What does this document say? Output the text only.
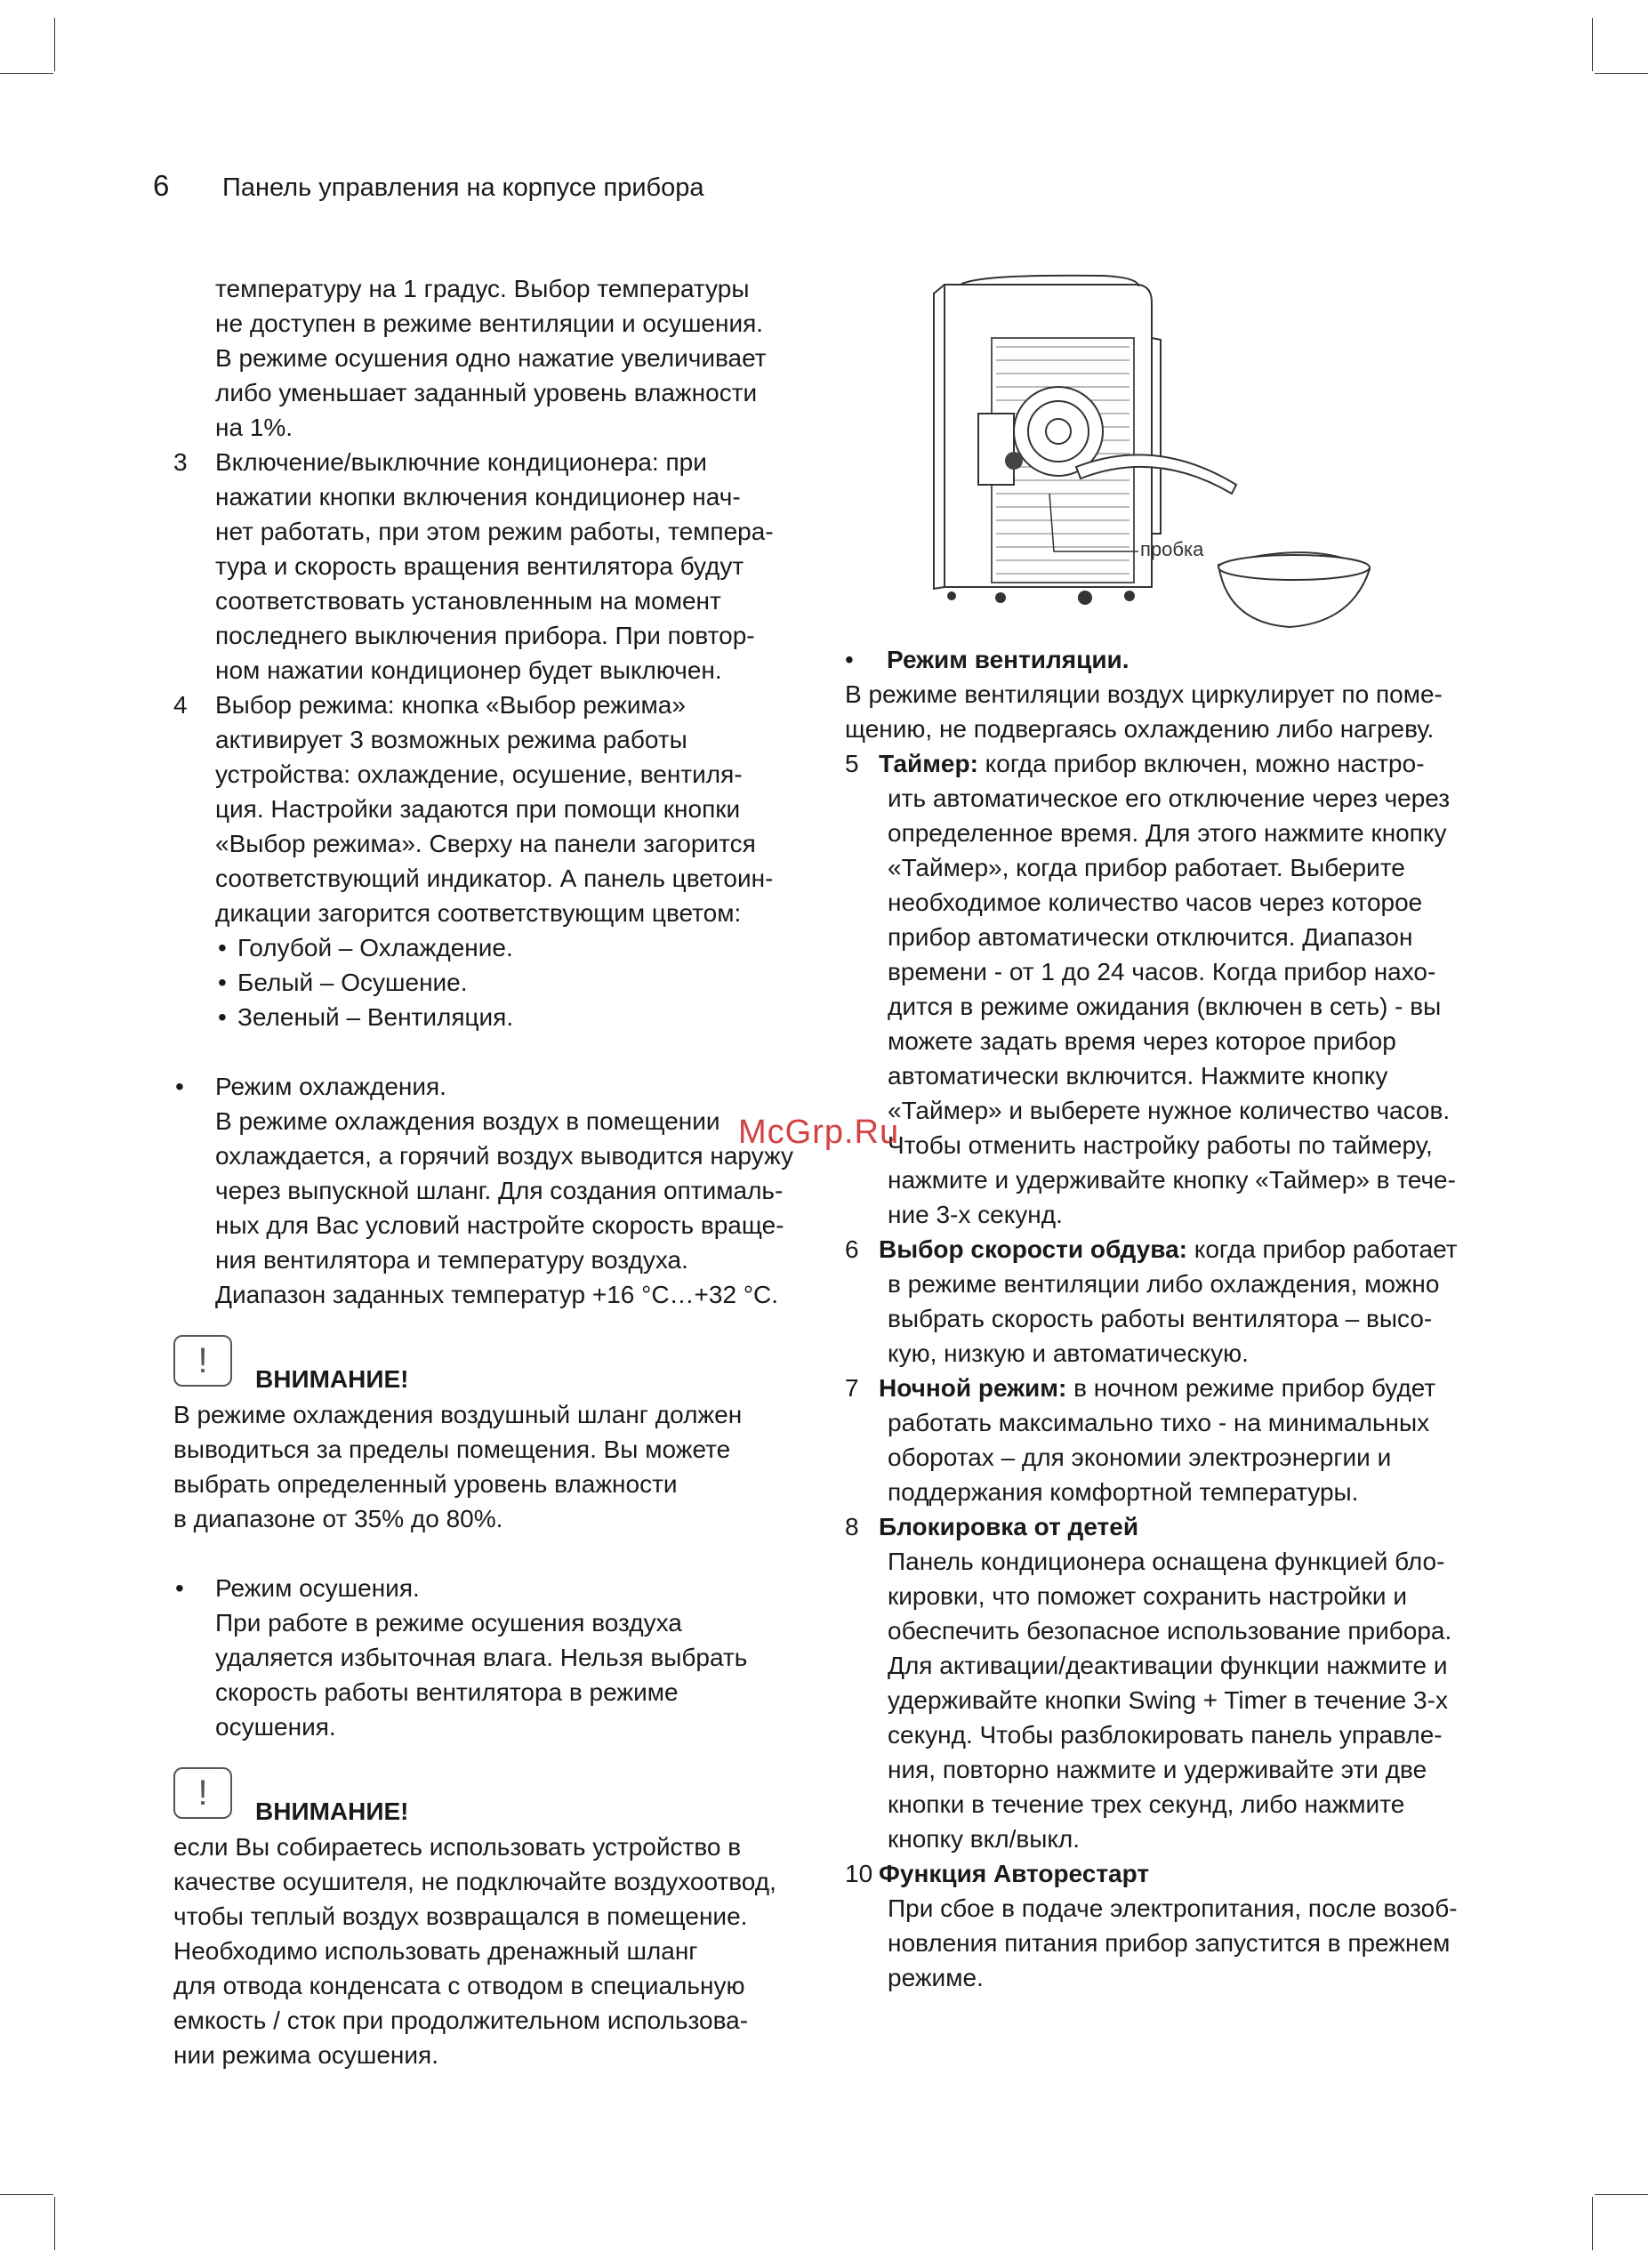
6 Панель управления на корпусе прибора

температуру на 1 градус. Выбор температуры

не доступен в режиме вентиляции и осушения.

В режиме осушения одно нажатие увеличивает

либо уменьшает заданный уровень влажности

на 1%.

3 Включение/выключние кондиционера: при

нажатии кнопки включения кондиционер нач-

нет работать, при этом режим работы, темпера-

тура и скорость вращения вентилятора будут

соответствовать установленным на момент

последнего выключения прибора. При повтор-

ном нажатии кондиционер будет выключен.

4 Выбор режима: кнопка «Выбор режима»

активирует 3 возможных режима работы

устройства: охлаждение, осушение, вентиля-

ция. Настройки задаются при помощи кнопки

«Выбор режима». Сверху на панели загорится

соответствующий индикатор. А панель цветоин-

дикации загорится соответствующим цветом:

• Голубой – Охлаждение.

• Белый – Осушение.

• Зеленый – Вентиляция.

• Режим охлаждения.

В режиме охлаждения воздух в помещении

охлаждается, а горячий воздух выводится наружу

через выпускной шланг. Для создания оптималь-

ных для Вас условий настройте скорость враще-

ния вентилятора и температуру воздуха.

Диапазон заданных температур +16 °С…+32 °С.

!	ВНИМАНИЕ!

В режиме охлаждения воздушный шланг должен

выводиться за пределы помещения. Вы можете

выбрать определенный уровень влажности

в диапазоне от 35% до 80%.

• Режим осушения.

При работе в режиме осушения воздуха

удаляется избыточная влага. Нельзя выбрать

скорость работы вентилятора в режиме

осушения.

!	ВНИМАНИЕ!

если Вы собираетесь использовать устройство в

качестве осушителя, не подключайте воздухоотвод,

чтобы теплый воздух возвращался в помещение.

Необходимо использовать дренажный шланг

для отвода конденсата с отводом в специальную

емкость / сток при продолжительном использова-

нии режима осушения.

пробка
• Режим вентиляции.

В режиме вентиляции воздух циркулирует по поме-

щению, не подвергаясь охлаждению либо нагреву.

5 Таймер: когда прибор включен, можно настро-

ить автоматическое его отключение через через

определенное время. Для этого нажмите кнопку

«Таймер», когда прибор работает. Выберите

необходимое количество часов через которое

прибор автоматически отключится. Диапазон

времени - от 1 до 24 часов. Когда прибор нахо-

дится в режиме ожидания (включен в сеть) - вы

можете задать время через которое прибор

автоматически включится. Нажмите кнопку

«Таймер» и выберете нужное количество часов.

Чтобы отменить настройку работы по таймеру,

нажмите и удерживайте кнопку «Таймер» в тече-

ние 3-х секунд.

6 Выбор скорости обдува: когда прибор работает

в режиме вентиляции либо охлаждения, можно

выбрать скорость работы вентилятора – высо-

кую, низкую и автоматическую.

7 Ночной режим: в ночном режиме прибор будет

работать максимально тихо - на минимальных

оборотах – для экономии электроэнергии и

поддержания комфортной температуры.

8 Блокировка от детей

Панель кондиционера оснащена функцией бло-

кировки, что поможет сохранить настройки и

обеспечить безопасное использование прибора.

Для активации/деактивации функции нажмите и

удерживайте кнопки Swing + Timer в течение 3-х

секунд. Чтобы разблокировать панель управле-

ния, повторно нажмите и удерживайте эти две

кнопки в течение трех секунд, либо нажмите

кнопку вкл/выкл.

10 Функция Авторестарт

При сбое в подаче электропитания, после возоб-

новления питания прибор запустится в прежнем

режиме.

McGrp.Ru
